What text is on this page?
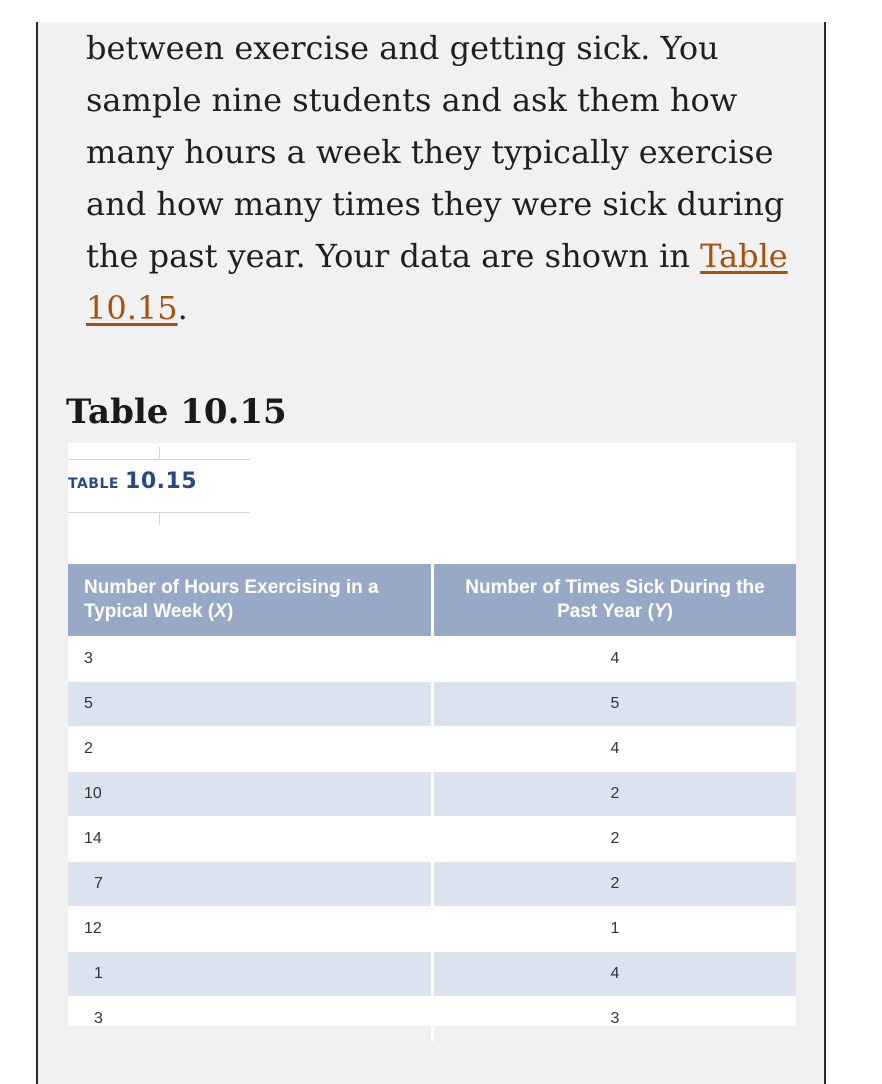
between exercise and getting sick. You
sample nine students and ask them how
many hours a week they typically exercise
and how many times they were sick during
the past year. Your data are shown in Table
10.15.

Table 10.15
TABLE 10.15
Number of Hours Exercising in a Typical Week (X)	Number of Times Sick During the Past Year (Y)
3	4
5	5
2	4
10	2
14	2
7	2
12	1
1	4
3	3
